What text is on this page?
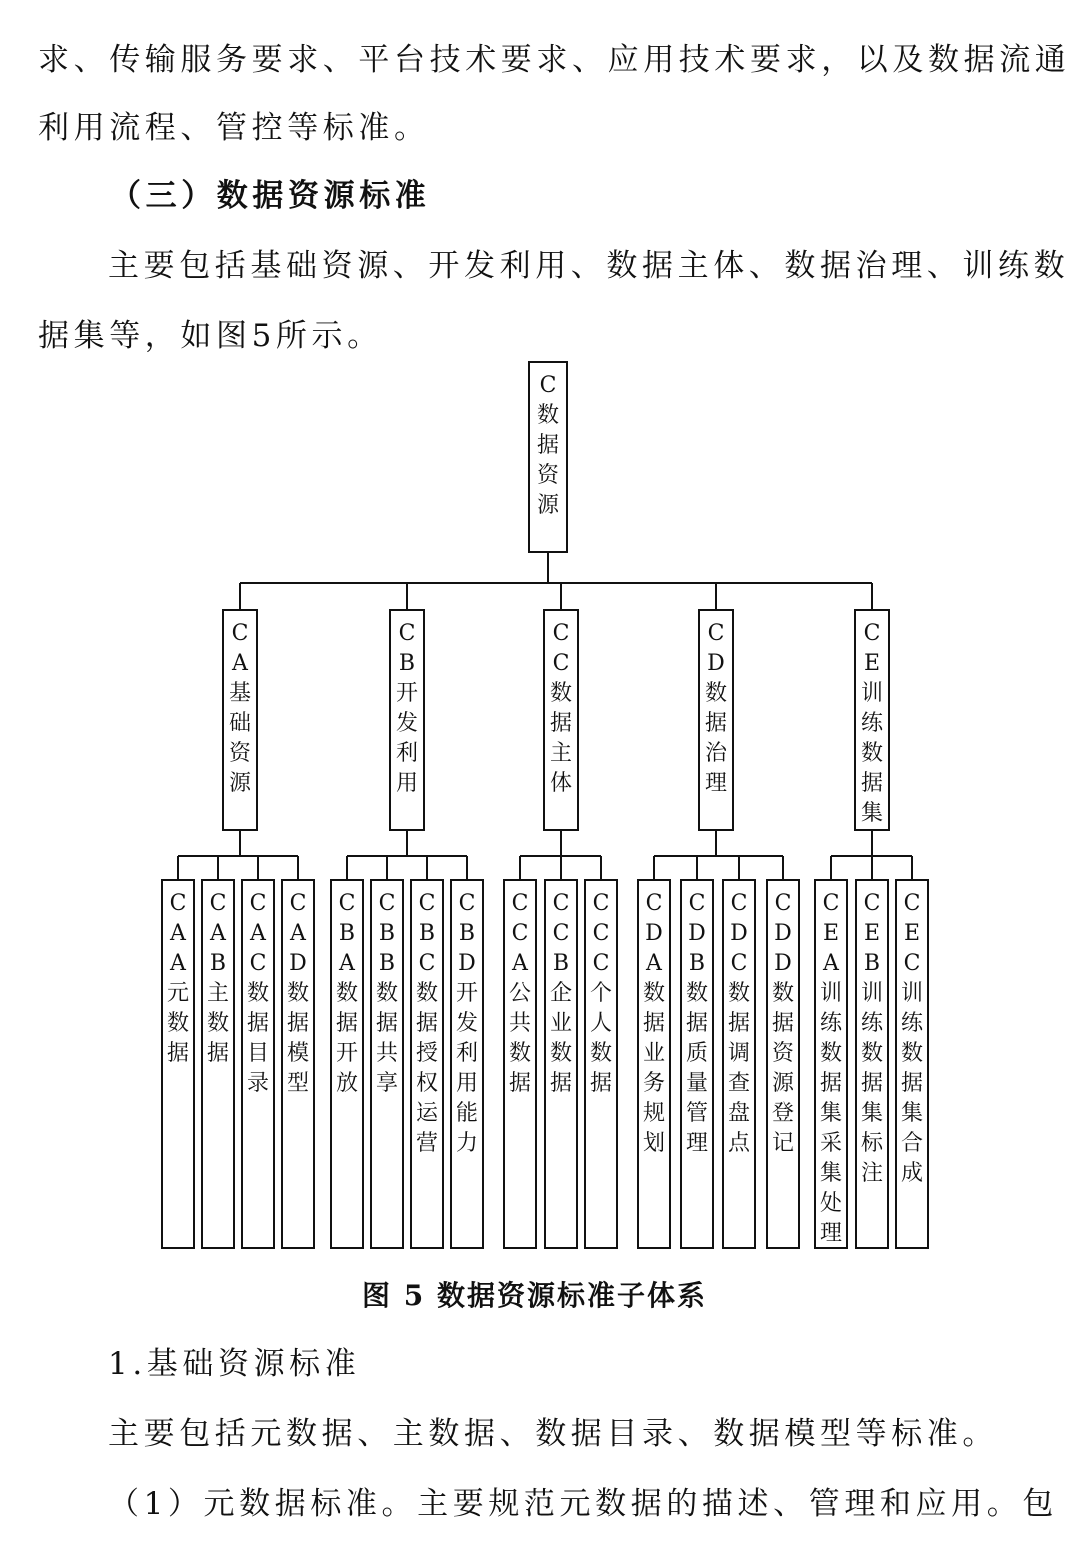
求、传输服务要求、平台技术要求、应用技术要求，以及数据流通
利用流程、管控等标准。
（三）数据资源标准
主要包括基础资源、开发利用、数据主体、数据治理、训练数
据集等，如图5所示。
C
数
据
资
源
C
A
基
础
资
源
C
A
A
元
数
据
C
A
B
主
数
据
C
A
C
数
据
目
录
C
A
D
数
据
模
型
C
B
开
发
利
用
C
B
A
数
据
开
放
C
B
B
数
据
共
享
C
B
C
数
据
授
权
运
营
C
B
D
开
发
利
用
能
力
C
C
数
据
主
体
C
C
A
公
共
数
据
C
C
B
企
业
数
据
C
C
C
个
人
数
据
C
D
数
据
治
理
C
D
A
数
据
业
务
规
划
C
D
B
数
据
质
量
管
理
C
D
C
数
据
调
查
盘
点
C
D
D
数
据
资
源
登
记
C
E
训
练
数
据
集
C
E
A
训
练
数
据
集
采
集
处
理
C
E
B
训
练
数
据
集
标
注
C
E
C
训
练
数
据
集
合
成
图 5 数据资源标准子体系
1.基础资源标准
主要包括元数据、主数据、数据目录、数据模型等标准。
（1）元数据标准。主要规范元数据的描述、管理和应用。包
